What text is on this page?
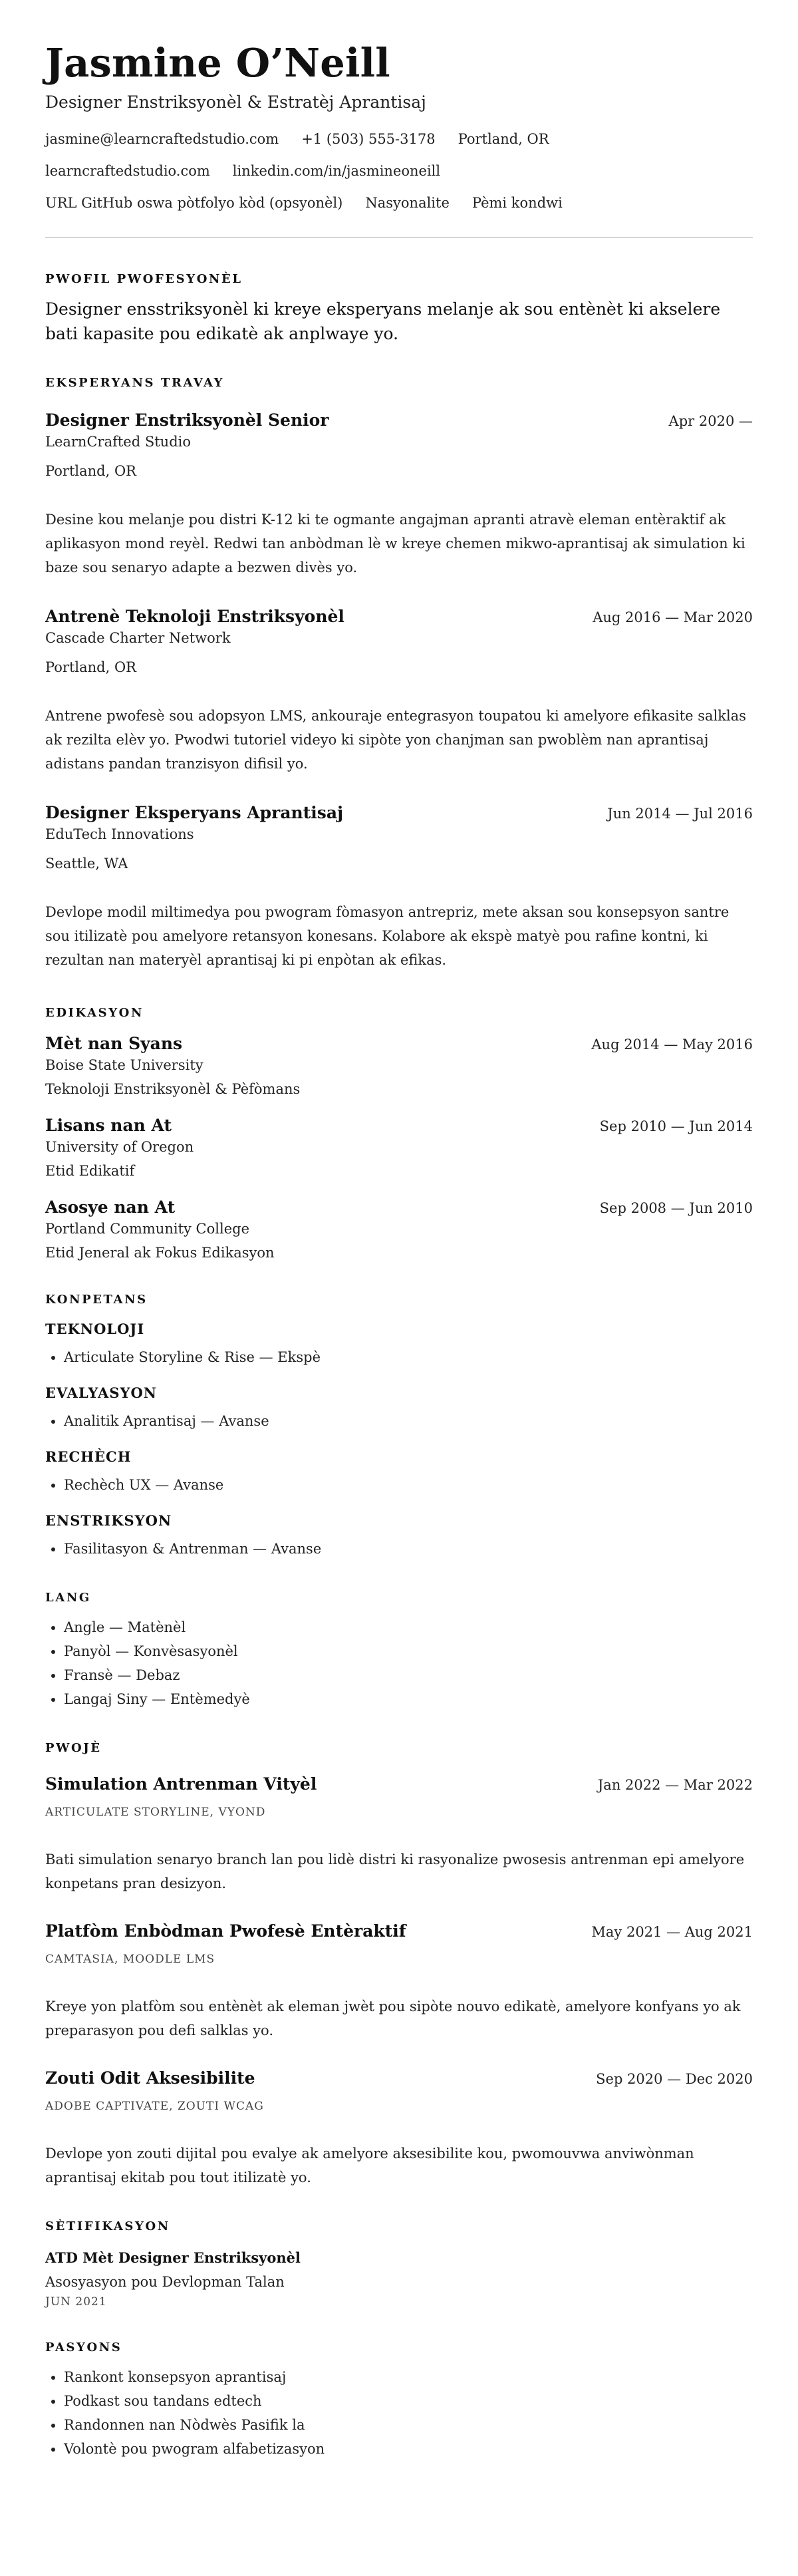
Jasmine O’Neill
Designer Enstriksyonèl & Estratèj Aprantisaj
jasmine@learncraftedstudio.com +1 (503) 555-3178 Portland, OR
learncraftedstudio.com linkedin.com/in/jasmineoneill
URL GitHub oswa pòtfolyo kòd (opsyonèl) Nasyonalite Pèmi kondwi
PWOFIL PWOFESYONÈL
Designer ensstriksyonèl ki kreye eksperyans melanje ak sou entènèt ki akselere bati kapasite pou edikatè ak anplwaye yo.
EKSPERYANS TRAVAY
Designer Enstriksyonèl Senior	Apr 2020 —
LearnCrafted Studio
Portland, OR
Desine kou melanje pou distri K-12 ki te ogmante angajman apranti atravè eleman entèraktif ak aplikasyon mond reyèl. Redwi tan anbòdman lè w kreye chemen mikwo-aprantisaj ak simulation ki baze sou senaryo adapte a bezwen divès yo.
Antrenè Teknoloji Enstriksyonèl	Aug 2016 — Mar 2020
Cascade Charter Network
Portland, OR
Antrene pwofesè sou adopsyon LMS, ankouraje entegrasyon toupatou ki amelyore efikasite salklas ak rezilta elèv yo. Pwodwi tutoriel videyo ki sipòte yon chanjman san pwoblèm nan aprantisaj adistans pandan tranzisyon difisil yo.
Designer Eksperyans Aprantisaj	Jun 2014 — Jul 2016
EduTech Innovations
Seattle, WA
Devlope modil miltimedya pou pwogram fòmasyon antrepriz, mete aksan sou konsepsyon santre sou itilizatè pou amelyore retansyon konesans. Kolabore ak ekspè matyè pou rafine kontni, ki rezultan nan materyèl aprantisaj ki pi enpòtan ak efikas.
EDIKASYON
Mèt nan Syans	Aug 2014 — May 2016
Boise State University
Teknoloji Enstriksyonèl & Pèfòmans
Lisans nan At	Sep 2010 — Jun 2014
University of Oregon
Etid Edikatif
Asosye nan At	Sep 2008 — Jun 2010
Portland Community College
Etid Jeneral ak Fokus Edikasyon
KONPETANS
TEKNOLOJI
• Articulate Storyline & Rise — Ekspè
EVALYASYON
• Analitik Aprantisaj — Avanse
RECHÈCH
• Rechèch UX — Avanse
ENSTRIKSYON
• Fasilitasyon & Antrenman — Avanse
LANG
• Angle — Matènèl
• Panyòl — Konvèsasyonèl
• Fransè — Debaz
• Langaj Siny — Entèmedyè
PWOJÈ
Simulation Antrenman Vityèl	Jan 2022 — Mar 2022
ARTICULATE STORYLINE, VYOND
Bati simulation senaryo branch lan pou lidè distri ki rasyonalize pwosesis antrenman epi amelyore konpetans pran desizyon.
Platfòm Enbòdman Pwofesè Entèraktif	May 2021 — Aug 2021
CAMTASIA, MOODLE LMS
Kreye yon platfòm sou entènèt ak eleman jwèt pou sipòte nouvo edikatè, amelyore konfyans yo ak preparasyon pou defi salklas yo.
Zouti Odit Aksesibilite	Sep 2020 — Dec 2020
ADOBE CAPTIVATE, ZOUTI WCAG
Devlope yon zouti dijital pou evalye ak amelyore aksesibilite kou, pwomouvwa anviwònman aprantisaj ekitab pou tout itilizatè yo.
SÈTIFIKASYON
ATD Mèt Designer Enstriksyonèl
Asosyasyon pou Devlopman Talan
JUN 2021
PASYONS
• Rankont konsepsyon aprantisaj
• Podkast sou tandans edtech
• Randonnen nan Nòdwès Pasifik la
• Volontè pou pwogram alfabetizasyon
